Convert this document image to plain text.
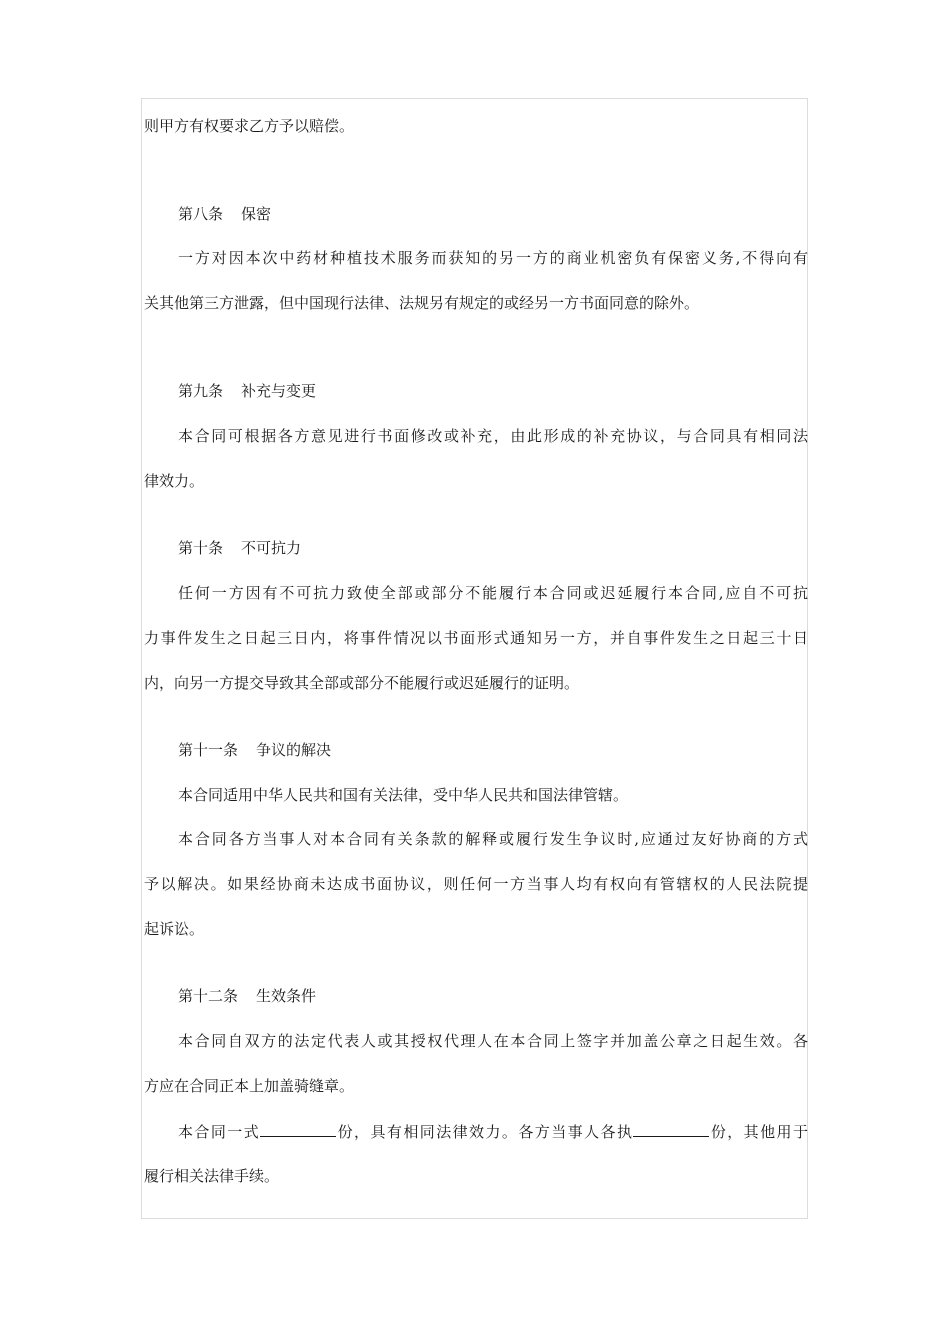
则甲方有权要求乙方予以赔偿。
第八条 保密
一方对因本次中药材种植技术服务而获知的另一方的商业机密负有保密义务,不得向有
关其他第三方泄露，但中国现行法律、法规另有规定的或经另一方书面同意的除外。
第九条 补充与变更
本合同可根据各方意见进行书面修改或补充，由此形成的补充协议，与合同具有相同法
律效力。
第十条 不可抗力
任何一方因有不可抗力致使全部或部分不能履行本合同或迟延履行本合同,应自不可抗
力事件发生之日起三日内，将事件情况以书面形式通知另一方，并自事件发生之日起三十日
内，向另一方提交导致其全部或部分不能履行或迟延履行的证明。
第十一条 争议的解决
本合同适用中华人民共和国有关法律，受中华人民共和国法律管辖。
本合同各方当事人对本合同有关条款的解释或履行发生争议时,应通过友好协商的方式
予以解决。如果经协商未达成书面协议，则任何一方当事人均有权向有管辖权的人民法院提
起诉讼。
第十二条 生效条件
本合同自双方的法定代表人或其授权代理人在本合同上签字并加盖公章之日起生效。各
方应在合同正本上加盖骑缝章。
本合同一式	份，具有相同法律效力。各方当事人各执	份，其他用于
履行相关法律手续。
